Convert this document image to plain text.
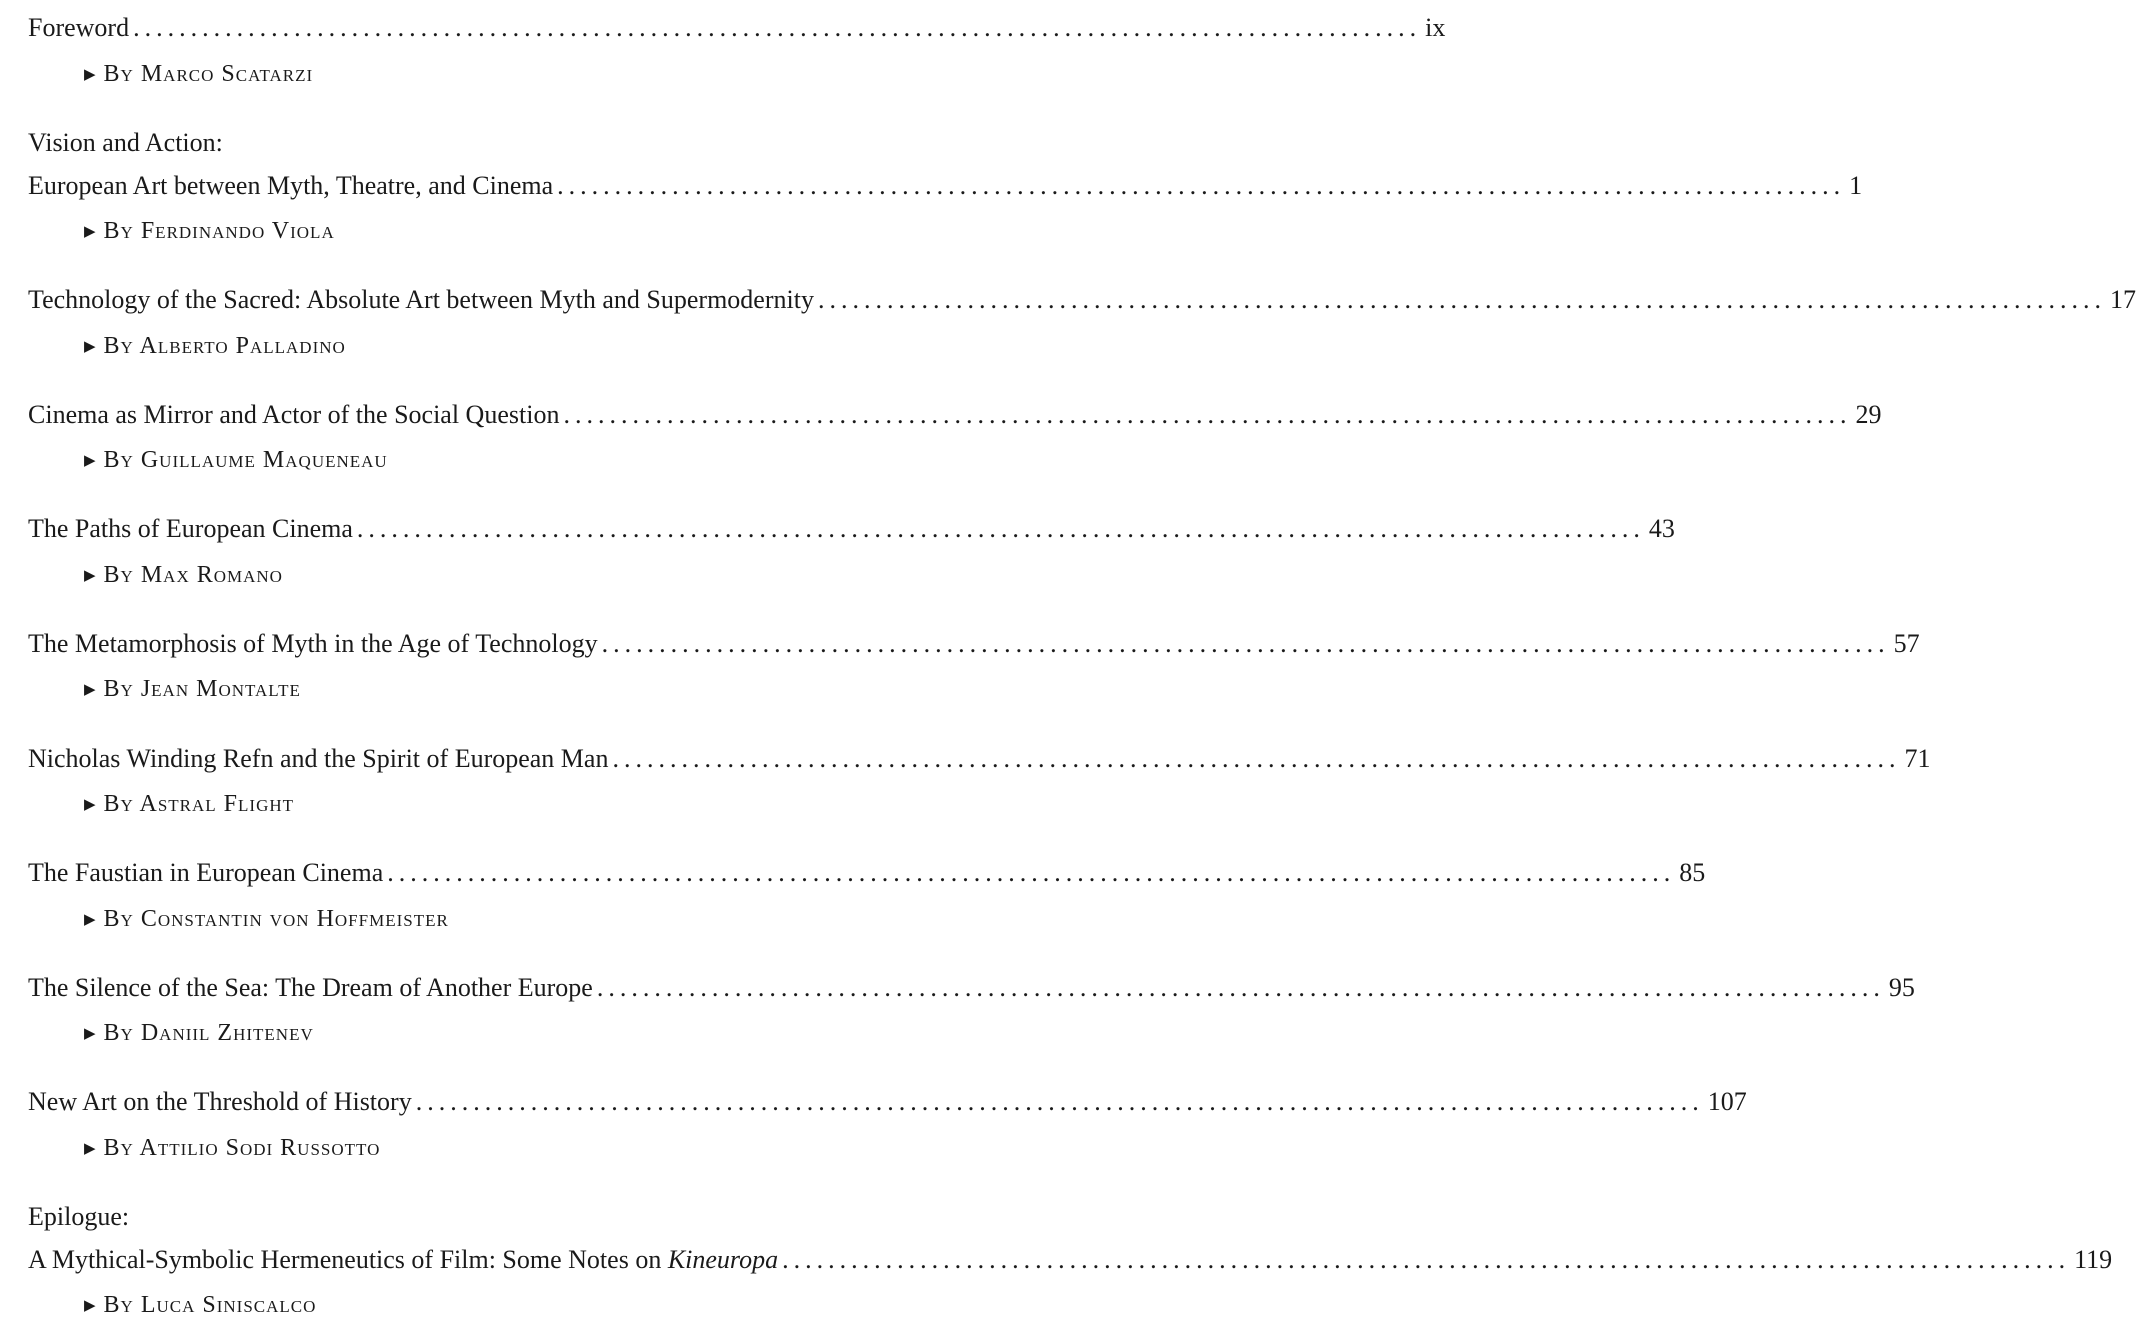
Foreword ................................................................................................................ ix
▶ By Marco Scatarzi
Vision and Action:
European Art between Myth, Theatre, and Cinema ................................................................................................................ 1
▶ By Ferdinando Viola
Technology of the Sacred: Absolute Art between Myth and Supermodernity ................................................................................................................ 17
▶ By Alberto Palladino
Cinema as Mirror and Actor of the Social Question ................................................................................................................ 29
▶ By Guillaume Maqueneau
The Paths of European Cinema ................................................................................................................ 43
▶ By Max Romano
The Metamorphosis of Myth in the Age of Technology ................................................................................................................ 57
▶ By Jean Montalte
Nicholas Winding Refn and the Spirit of European Man ................................................................................................................ 71
▶ By Astral Flight
The Faustian in European Cinema ................................................................................................................ 85
▶ By Constantin von Hoffmeister
The Silence of the Sea: The Dream of Another Europe ................................................................................................................ 95
▶ By Daniil Zhitenev
New Art on the Threshold of History ................................................................................................................ 107
▶ By Attilio Sodi Russotto
Epilogue:
A Mythical-Symbolic Hermeneutics of Film: Some Notes on Kineuropa ................................................................................................................ 119
▶ By Luca Siniscalco
